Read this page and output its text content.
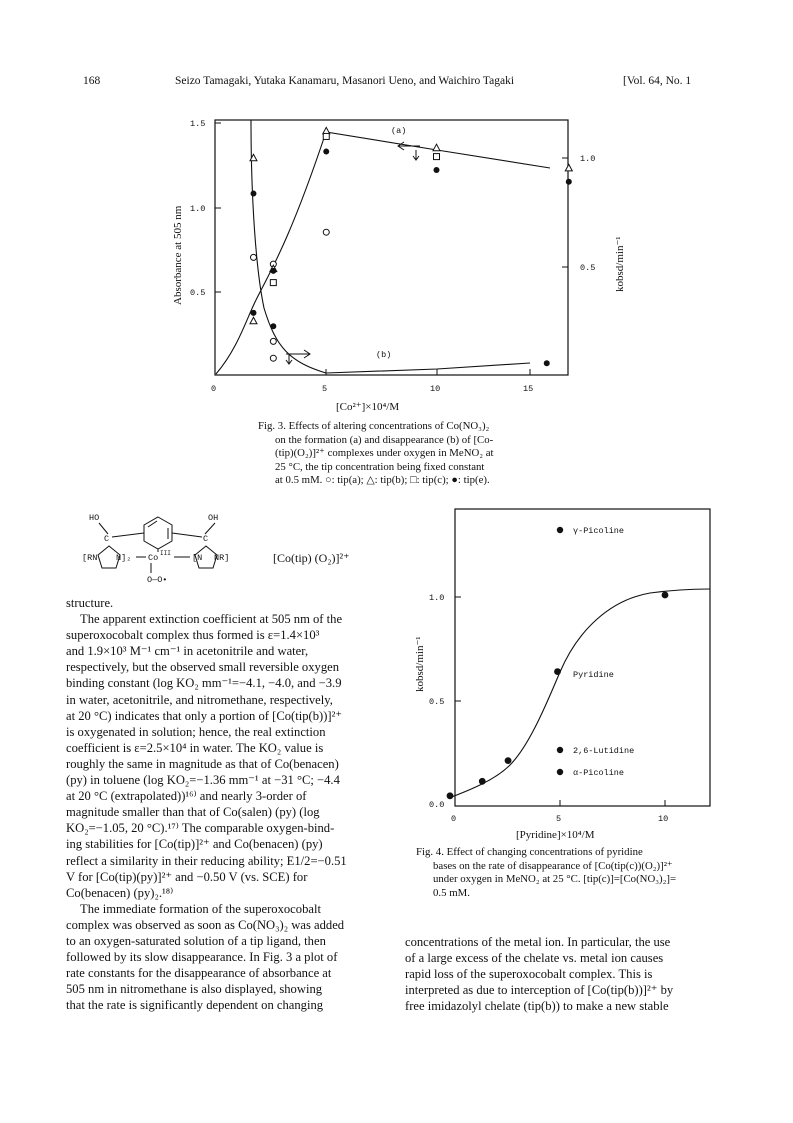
168	Seizo Tamagaki, Yutaka Kanamaru, Masanori Ueno, and Waichiro Tagaki	[Vol. 64, No. 1
0.5
1.0
1.5
0.5
1.0
0	5	10	15
[Co²⁺]×10⁴/M
Absorbance at 505 nm	kobsd/min⁻¹
(a)
(b)
Fig. 3. Effects of altering concentrations of Co(NO₃)₂
on the formation (a) and disappearance (b) of [Co-
(tip)(O₂)]²⁺ complexes under oxygen in MeNO₂ at
25 °C, the tip concentration being fixed constant
at 0.5 mM. ○: tip(a); △: tip(b); □: tip(c); ●: tip(e).
HO	OH
C	C
[RN N]₂	[N NR]
Co III
O—O•
[Co(tip) (O₂)]²⁺
1.0
0.5
0.0
0	5	10
[Pyridine]×10⁴/M
kobsd/min⁻¹
γ-Picoline
Pyridine
2,6-Lutidine
α-Picoline
Fig. 4. Effect of changing concentrations of pyridine
bases on the rate of disappearance of [Co(tip(c))(O₂)]²⁺
under oxygen in MeNO₂ at 25 °C. [tip(c)]=[Co(NO₃)₂]=
0.5 mM.

structure.

The apparent extinction coefficient at 505 nm of the

superoxocobalt complex thus formed is ε=1.4×10³

and 1.9×10³ M⁻¹ cm⁻¹ in acetonitrile and water,

respectively, but the observed small reversible oxygen

binding constant (log KO₂ mm⁻¹=−4.1, −4.0, and −3.9

in water, acetonitrile, and nitromethane, respectively,

at 20 °C) indicates that only a portion of [Co(tip(b))]²⁺

is oxygenated in solution; hence, the real extinction

coefficient is ε=2.5×10⁴ in water. The KO₂ value is

roughly the same in magnitude as that of Co(benacen)

(py) in toluene (log KO₂=−1.36 mm⁻¹ at −31 °C; −4.4

at 20 °C (extrapolated))¹⁶⁾ and nearly 3-order of

magnitude smaller than that of Co(salen) (py) (log

KO₂=−1.05, 20 °C).¹⁷⁾ The comparable oxygen-bind-

ing stabilities for [Co(tip)]²⁺ and Co(benacen) (py)

reflect a similarity in their reducing ability; E1/2=−0.51

V for [Co(tip)(py)]²⁺ and −0.50 V (vs. SCE) for

Co(benacen) (py)₂.¹⁸⁾

The immediate formation of the superoxocobalt

complex was observed as soon as Co(NO₃)₂ was added

to an oxygen-saturated solution of a tip ligand, then

followed by its slow disappearance. In Fig. 3 a plot of

rate constants for the disappearance of absorbance at

505 nm in nitromethane is also displayed, showing

that the rate is significantly dependent on changing

concentrations of the metal ion. In particular, the use

of a large excess of the chelate vs. metal ion causes

rapid loss of the superoxocobalt complex. This is

interpreted as due to interception of [Co(tip(b))]²⁺ by

free imidazolyl chelate (tip(b)) to make a new stable
